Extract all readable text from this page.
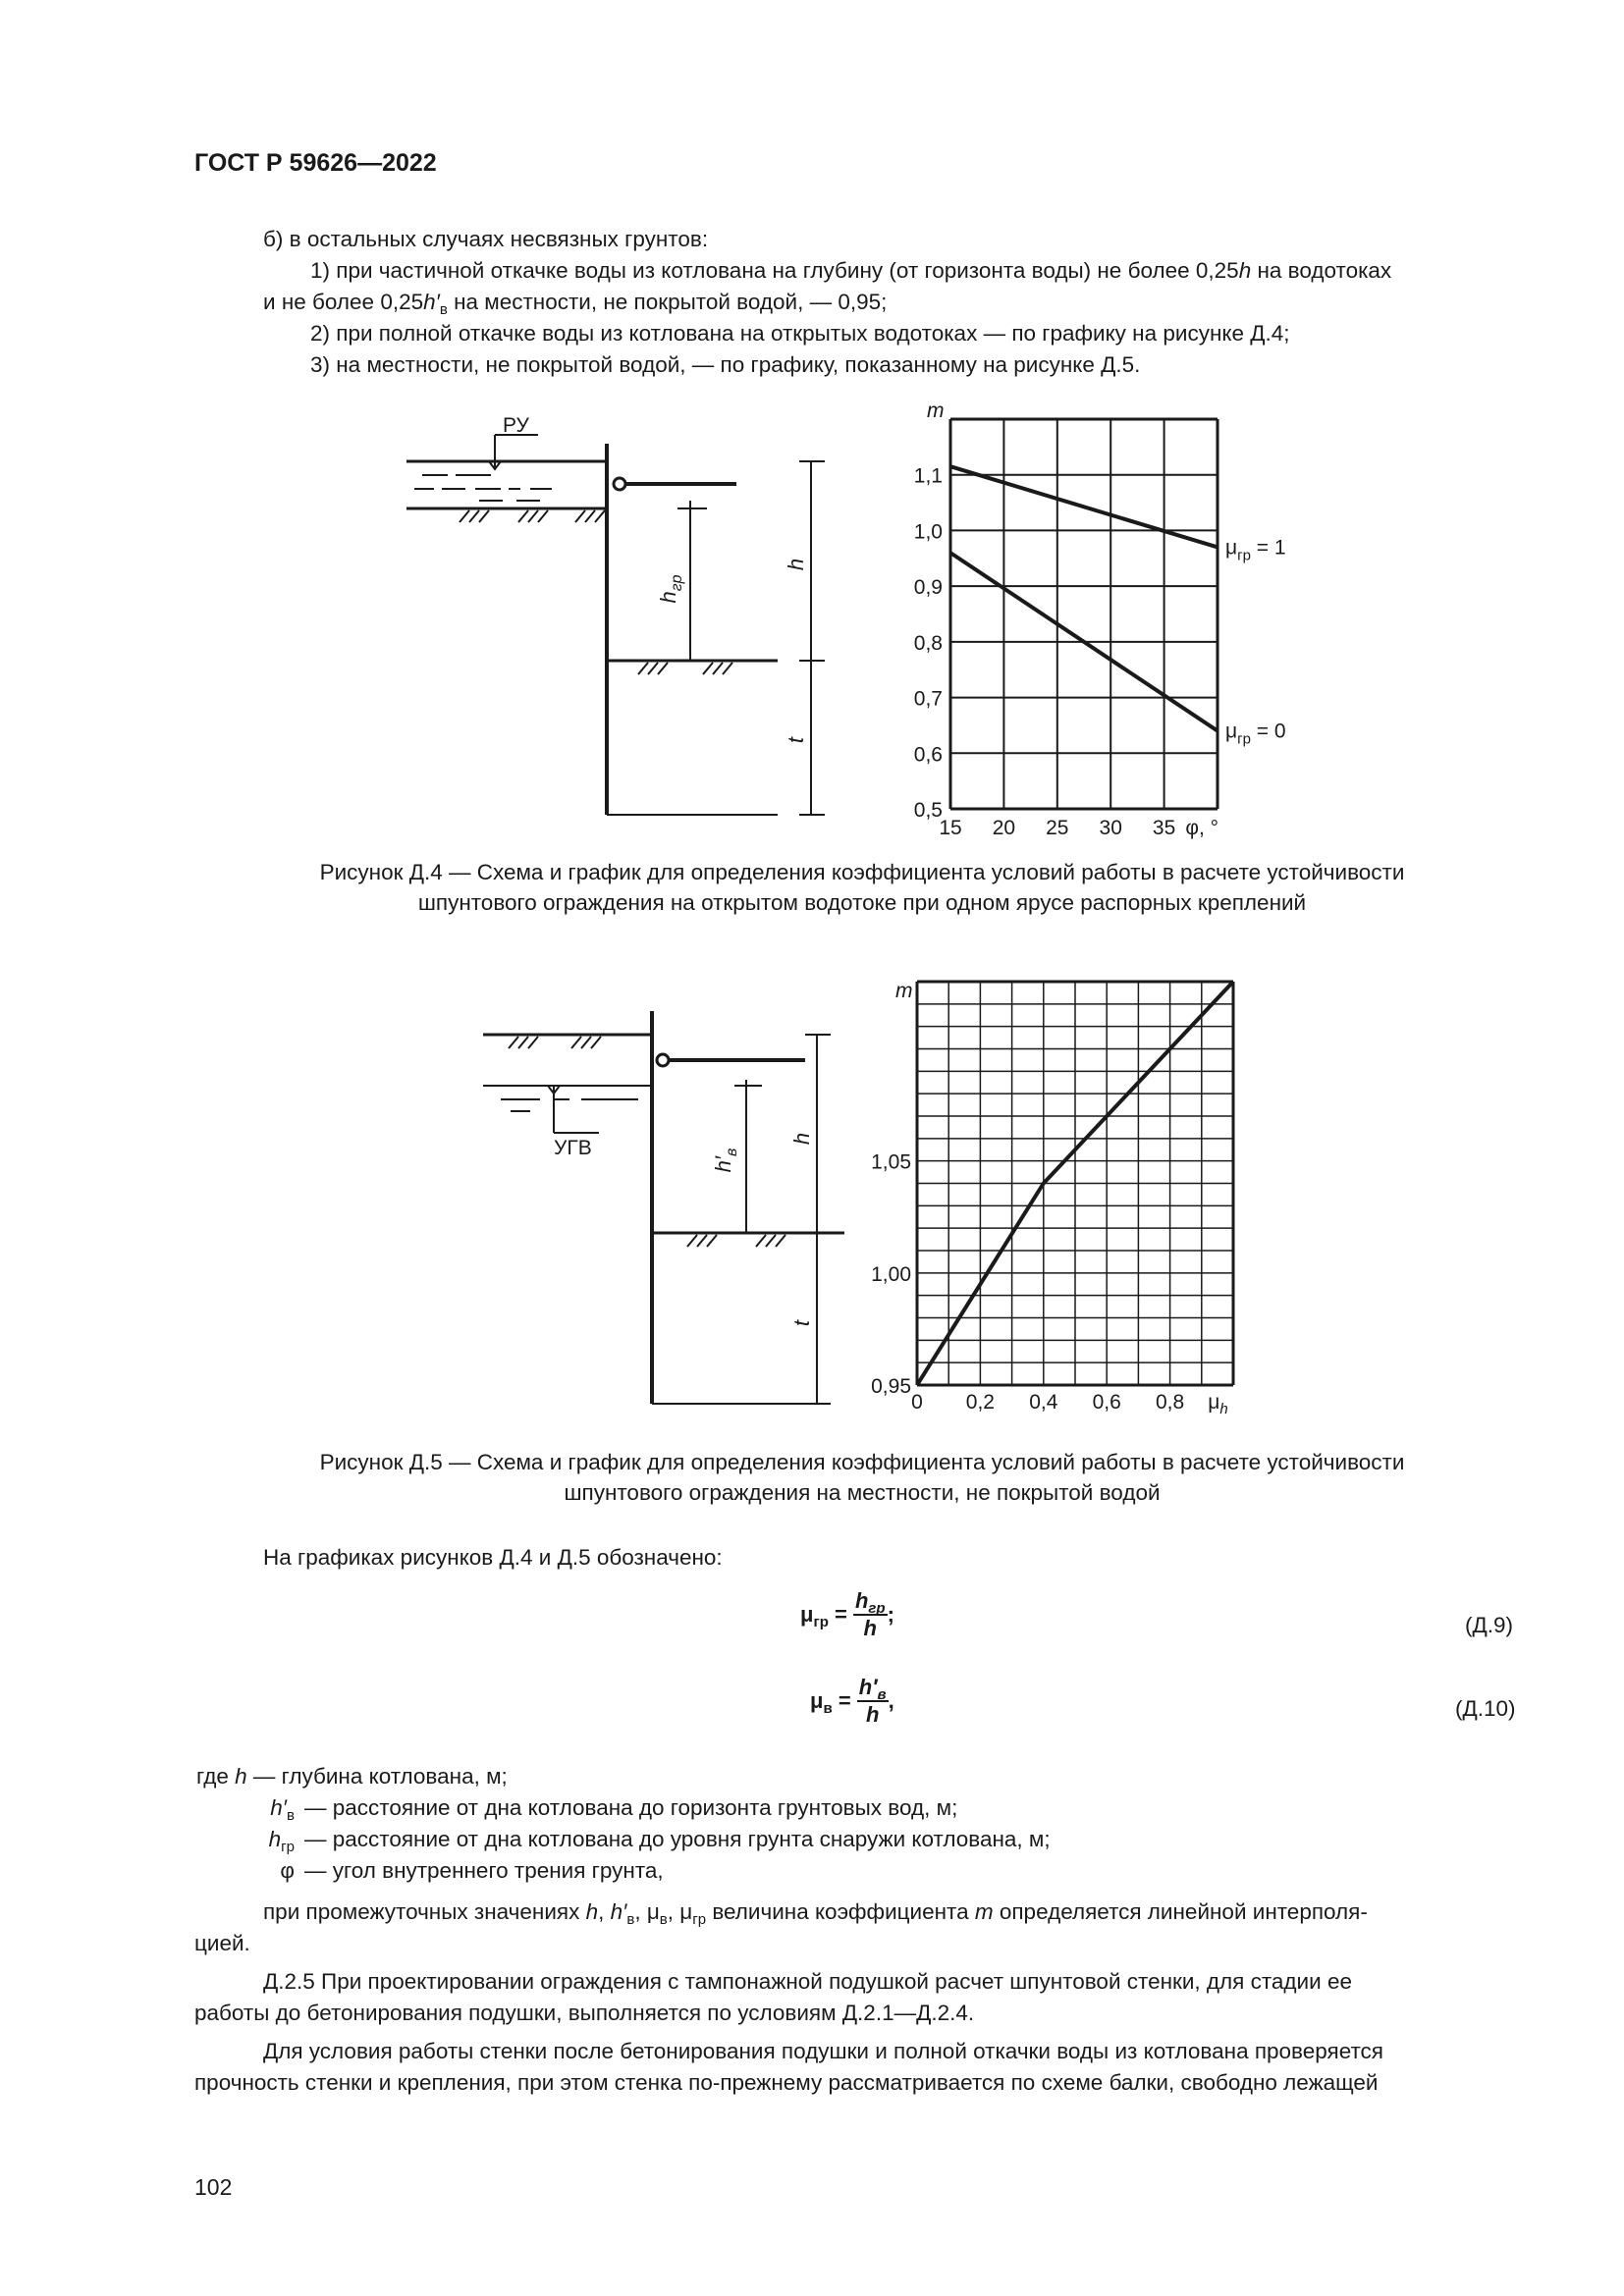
ГОСТ Р 59626—2022
б) в остальных случаях несвязных грунтов:
1) при частичной откачке воды из котлована на глубину (от горизонта воды) не более 0,25h на водотоках
и не более $0,25h'_в$ на местности, не покрытой водой, — 0,95;
2) при полной откачке воды из котлована на открытых водотоках — по графику на рисунке Д.4;
3) на местности, не покрытой водой, — по графику, показанному на рисунке Д.5.
РУ
$h_{гр}$
h
t
0,5
0,6
0,7
0,8
0,9
1,0
1,1
15 20 25 30 35
m
φ, °
$\mu_{гр} = 1$
$\mu_{гр} = 0$
Рисунок Д.4 — Схема и график для определения коэффициента условий работы в расчете устойчивости
шпунтового ограждения на открытом водотоке при одном ярусе распорных креплений
УГВ
$h'_в$
h
t
0,95
1,00
1,05
0 0,2 0,4 0,6 0,8
m
$\mu_h$
Рисунок Д.5 — Схема и график для определения коэффициента условий работы в расчете устойчивости
шпунтового ограждения на местности, не покрытой водой
На графиках рисунков Д.4 и Д.5 обозначено:
$\mu_{гр} = \frac{h_{гр}}{h}$ ;	(Д.9)
$\mu_в = \frac{h'_в}{h}$ ,	(Д.10)
где h — глубина котлована, м;
$h'_в$ — расстояние от дна котлована до горизонта грунтовых вод, м;
$h_{гр}$ — расстояние от дна котлована до уровня грунта снаружи котлована, м;
φ — угол внутреннего трения грунта,
при промежуточных значениях h, $h'_в$, $\mu_в$, $\mu_{гр}$ величина коэффициента m определяется линейной интерполя-
цией.
Д.2.5 При проектировании ограждения с тампонажной подушкой расчет шпунтовой стенки, для стадии ее
работы до бетонирования подушки, выполняется по условиям Д.2.1—Д.2.4.
Для условия работы стенки после бетонирования подушки и полной откачки воды из котлована проверяется
прочность стенки и крепления, при этом стенка по-прежнему рассматривается по схеме балки, свободно лежащей
102
